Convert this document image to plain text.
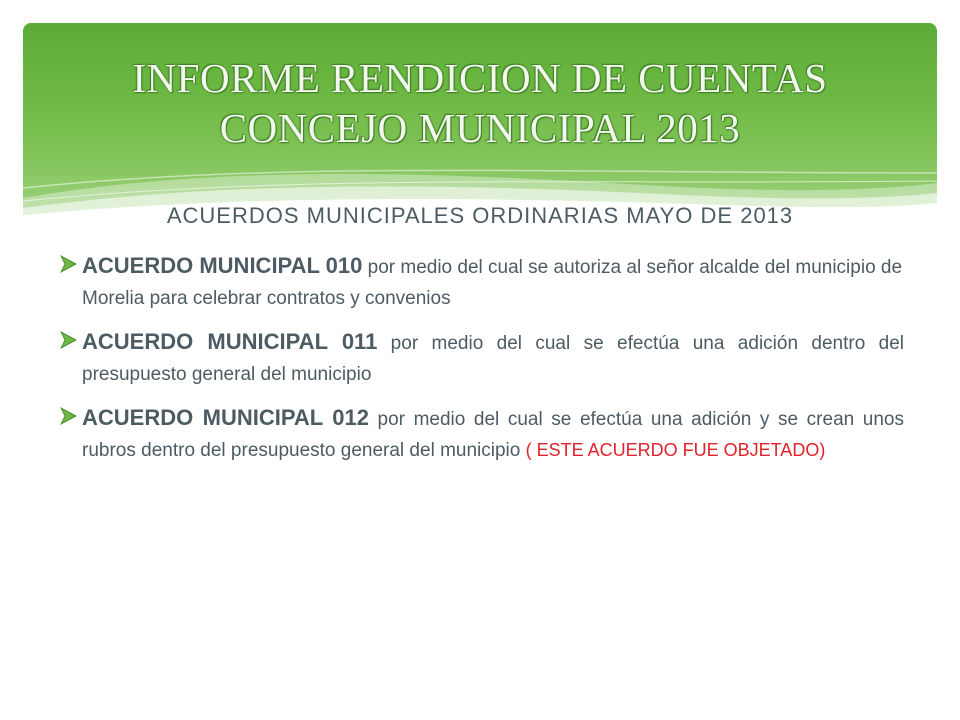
INFORME RENDICION DE CUENTAS
CONCEJO MUNICIPAL 2013
ACUERDOS MUNICIPALES ORDINARIAS MAYO DE 2013
ACUERDO MUNICIPAL 010 por medio del cual se autoriza al señor alcalde del municipio de Morelia para celebrar contratos y convenios
ACUERDO MUNICIPAL 011 por medio del cual se efectúa una adición dentro del presupuesto general del municipio
ACUERDO MUNICIPAL 012 por medio del cual se efectúa una adición y se crean unos rubros dentro del presupuesto general del municipio ( ESTE ACUERDO FUE OBJETADO)
